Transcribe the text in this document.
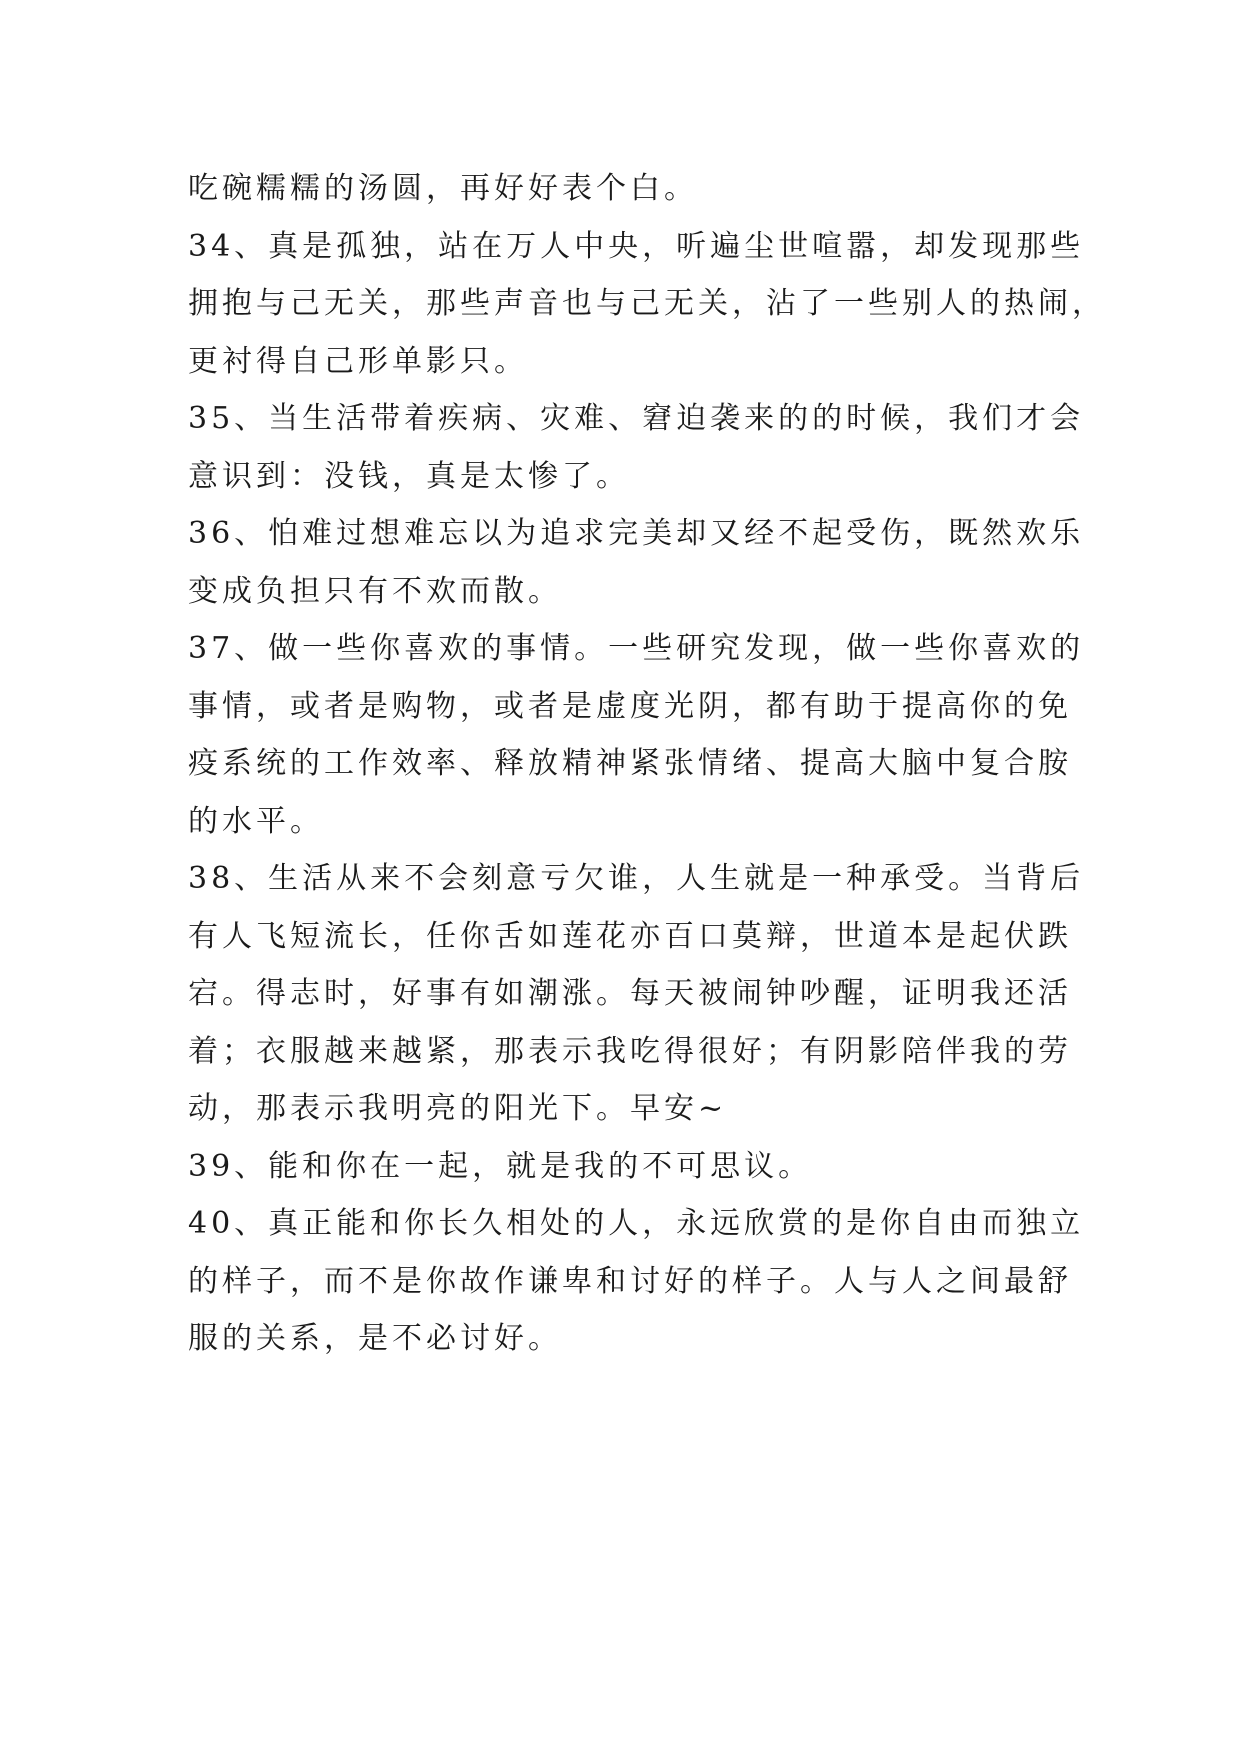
吃碗糯糯的汤圆，再好好表个白。
34、真是孤独，站在万人中央，听遍尘世喧嚣，却发现那些
拥抱与己无关，那些声音也与己无关，沾了一些别人的热闹，
更衬得自己形单影只。
35、当生活带着疾病、灾难、窘迫袭来的的时候，我们才会
意识到：没钱，真是太惨了。
36、怕难过想难忘以为追求完美却又经不起受伤，既然欢乐
变成负担只有不欢而散。
37、做一些你喜欢的事情。一些研究发现，做一些你喜欢的
事情，或者是购物，或者是虚度光阴，都有助于提高你的免
疫系统的工作效率、释放精神紧张情绪、提高大脑中复合胺
的水平。
38、生活从来不会刻意亏欠谁，人生就是一种承受。当背后
有人飞短流长，任你舌如莲花亦百口莫辩，世道本是起伏跌
宕。得志时，好事有如潮涨。每天被闹钟吵醒，证明我还活
着；衣服越来越紧，那表示我吃得很好；有阴影陪伴我的劳
动，那表示我明亮的阳光下。早安~
39、能和你在一起，就是我的不可思议。
40、真正能和你长久相处的人，永远欣赏的是你自由而独立
的样子，而不是你故作谦卑和讨好的样子。人与人之间最舒
服的关系，是不必讨好。
